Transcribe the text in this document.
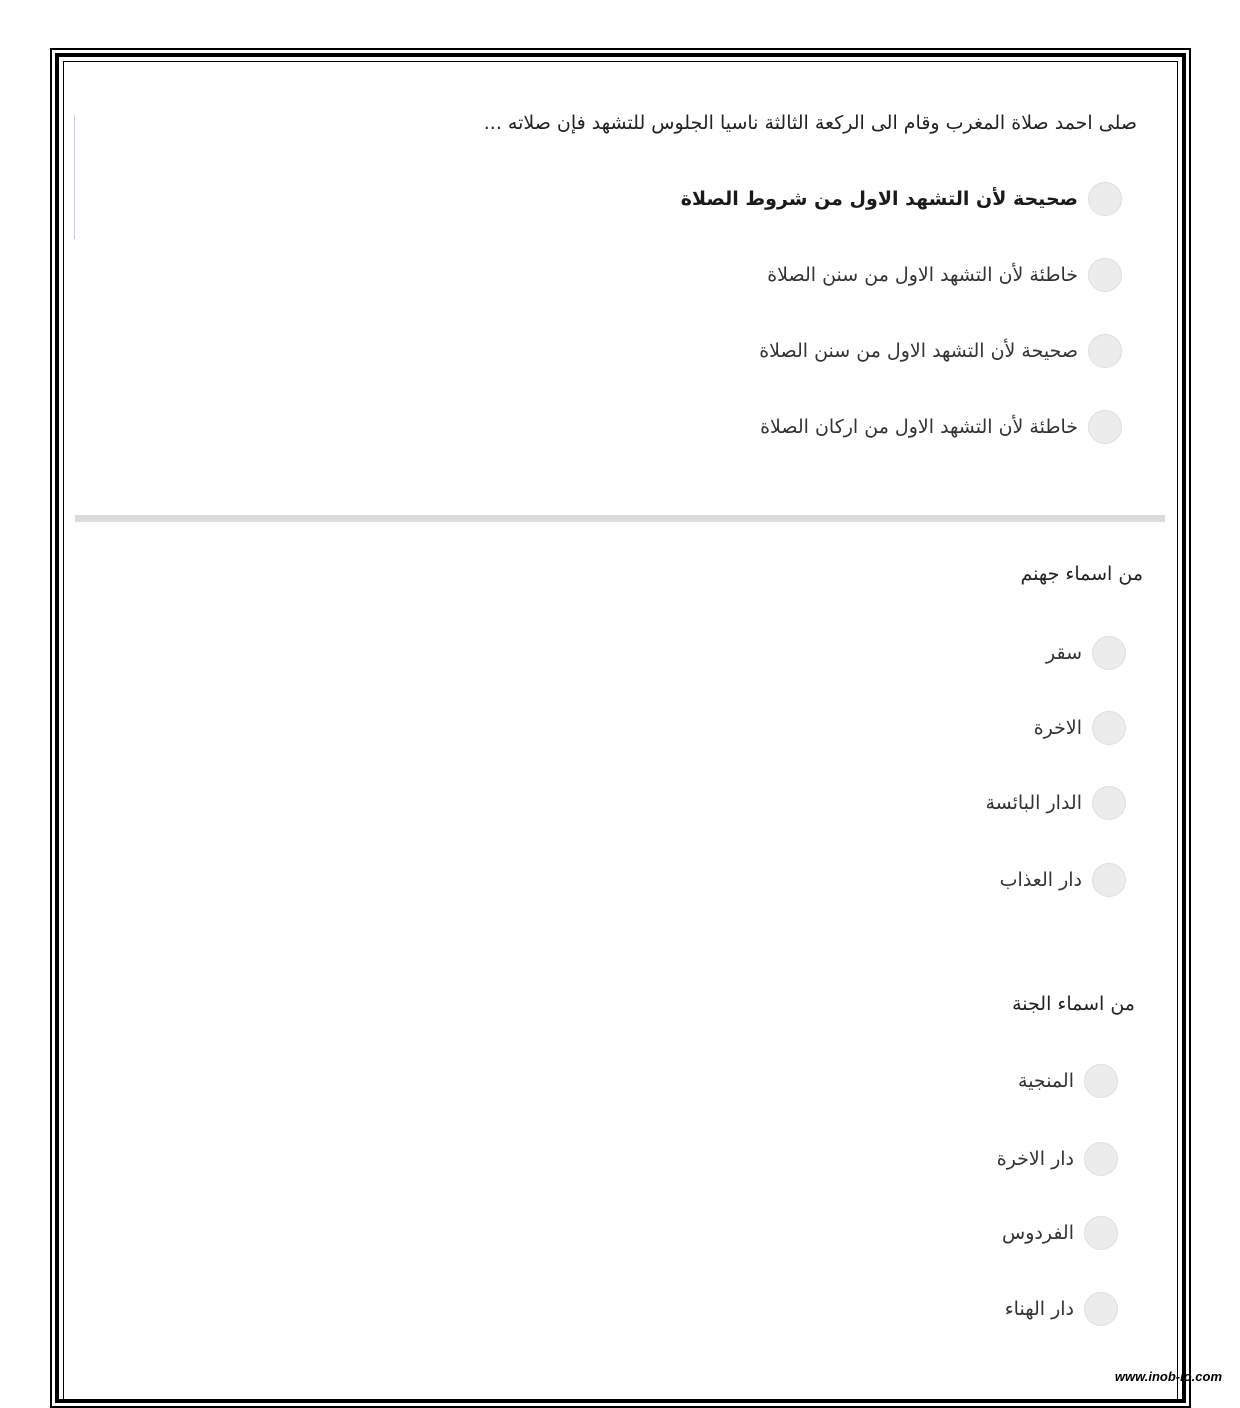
صلى احمد صلاة المغرب وقام الى الركعة الثالثة ناسيا الجلوس للتشهد فإن صلاته ...
صحيحة لأن التشهد الاول من شروط الصلاة
خاطئة لأن التشهد الاول من سنن الصلاة
صحيحة لأن التشهد الاول من سنن الصلاة
خاطئة لأن التشهد الاول من اركان الصلاة
من اسماء جهنم
سقر
الاخرة
الدار البائسة
دار العذاب
من اسماء الجنة
المنجية
دار الاخرة
الفردوس
دار الهناء
www.inob-io.com
